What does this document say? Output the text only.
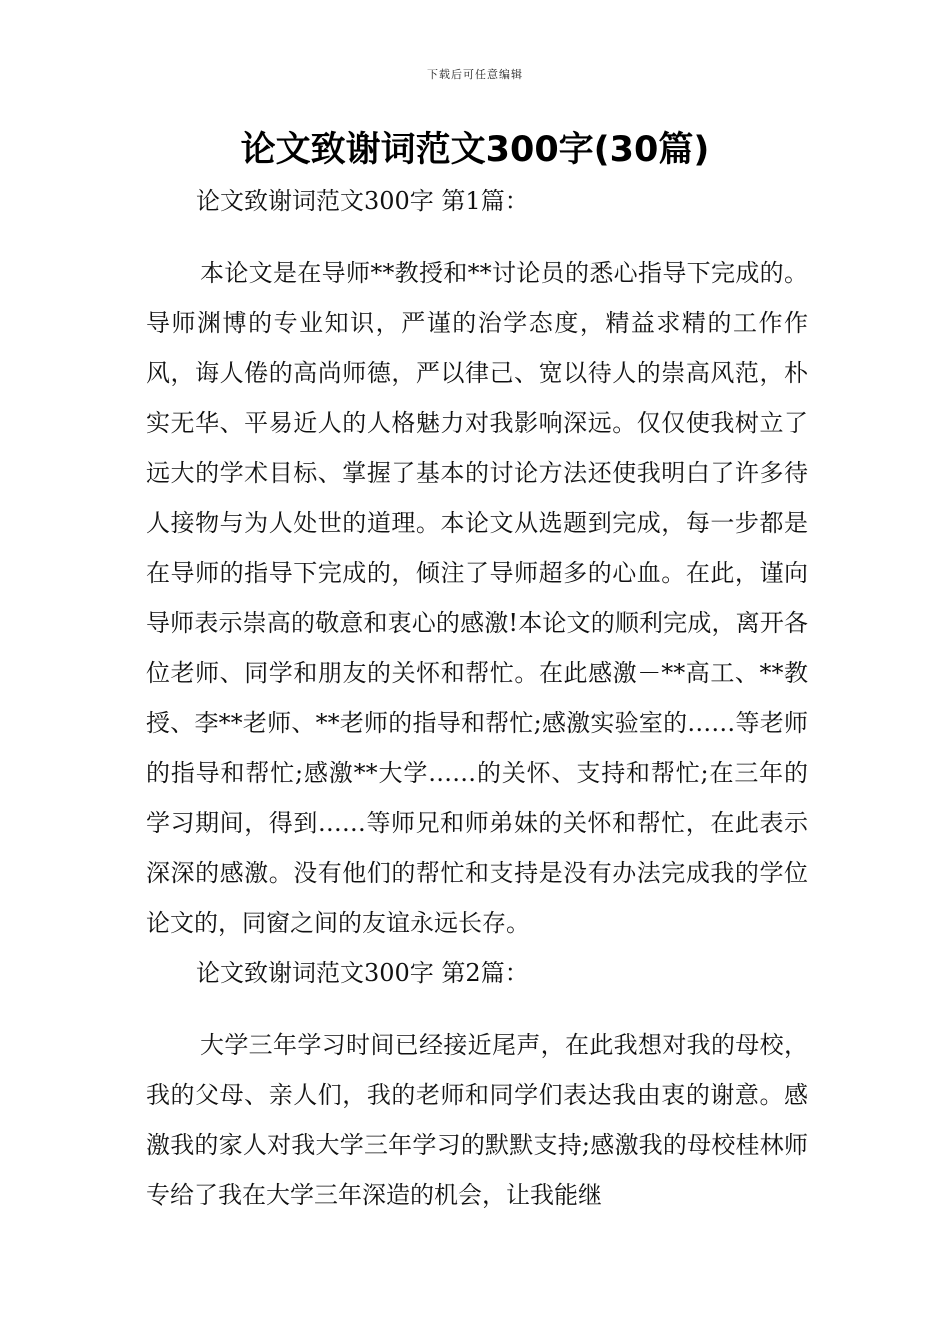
下载后可任意编辑
论文致谢词范文300字(30篇)
论文致谢词范文300字 第1篇：

本论文是在导师**教授和**讨论员的悉心指导下完成的。导师渊博的专业知识，严谨的治学态度，精益求精的工作作风，诲人倦的高尚师德，严以律己、宽以待人的崇高风范，朴实无华、平易近人的人格魅力对我影响深远。仅仅使我树立了远大的学术目标、掌握了基本的讨论方法还使我明白了许多待人接物与为人处世的道理。本论文从选题到完成，每一步都是在导师的指导下完成的，倾注了导师超多的心血。在此，谨向导师表示崇高的敬意和衷心的感激!本论文的顺利完成，离开各位老师、同学和朋友的关怀和帮忙。在此感激－**高工、**教授、李**老师、**老师的指导和帮忙;感激实验室的……等老师的指导和帮忙;感激**大学……的关怀、支持和帮忙;在三年的学习期间，得到……等师兄和师弟妹的关怀和帮忙，在此表示深深的感激。没有他们的帮忙和支持是没有办法完成我的学位论文的，同窗之间的友谊永远长存。

论文致谢词范文300字 第2篇：

大学三年学习时间已经接近尾声，在此我想对我的母校，我的父母、亲人们，我的老师和同学们表达我由衷的谢意。感激我的家人对我大学三年学习的默默支持;感激我的母校桂林师专给了我在大学三年深造的机会，让我能继
